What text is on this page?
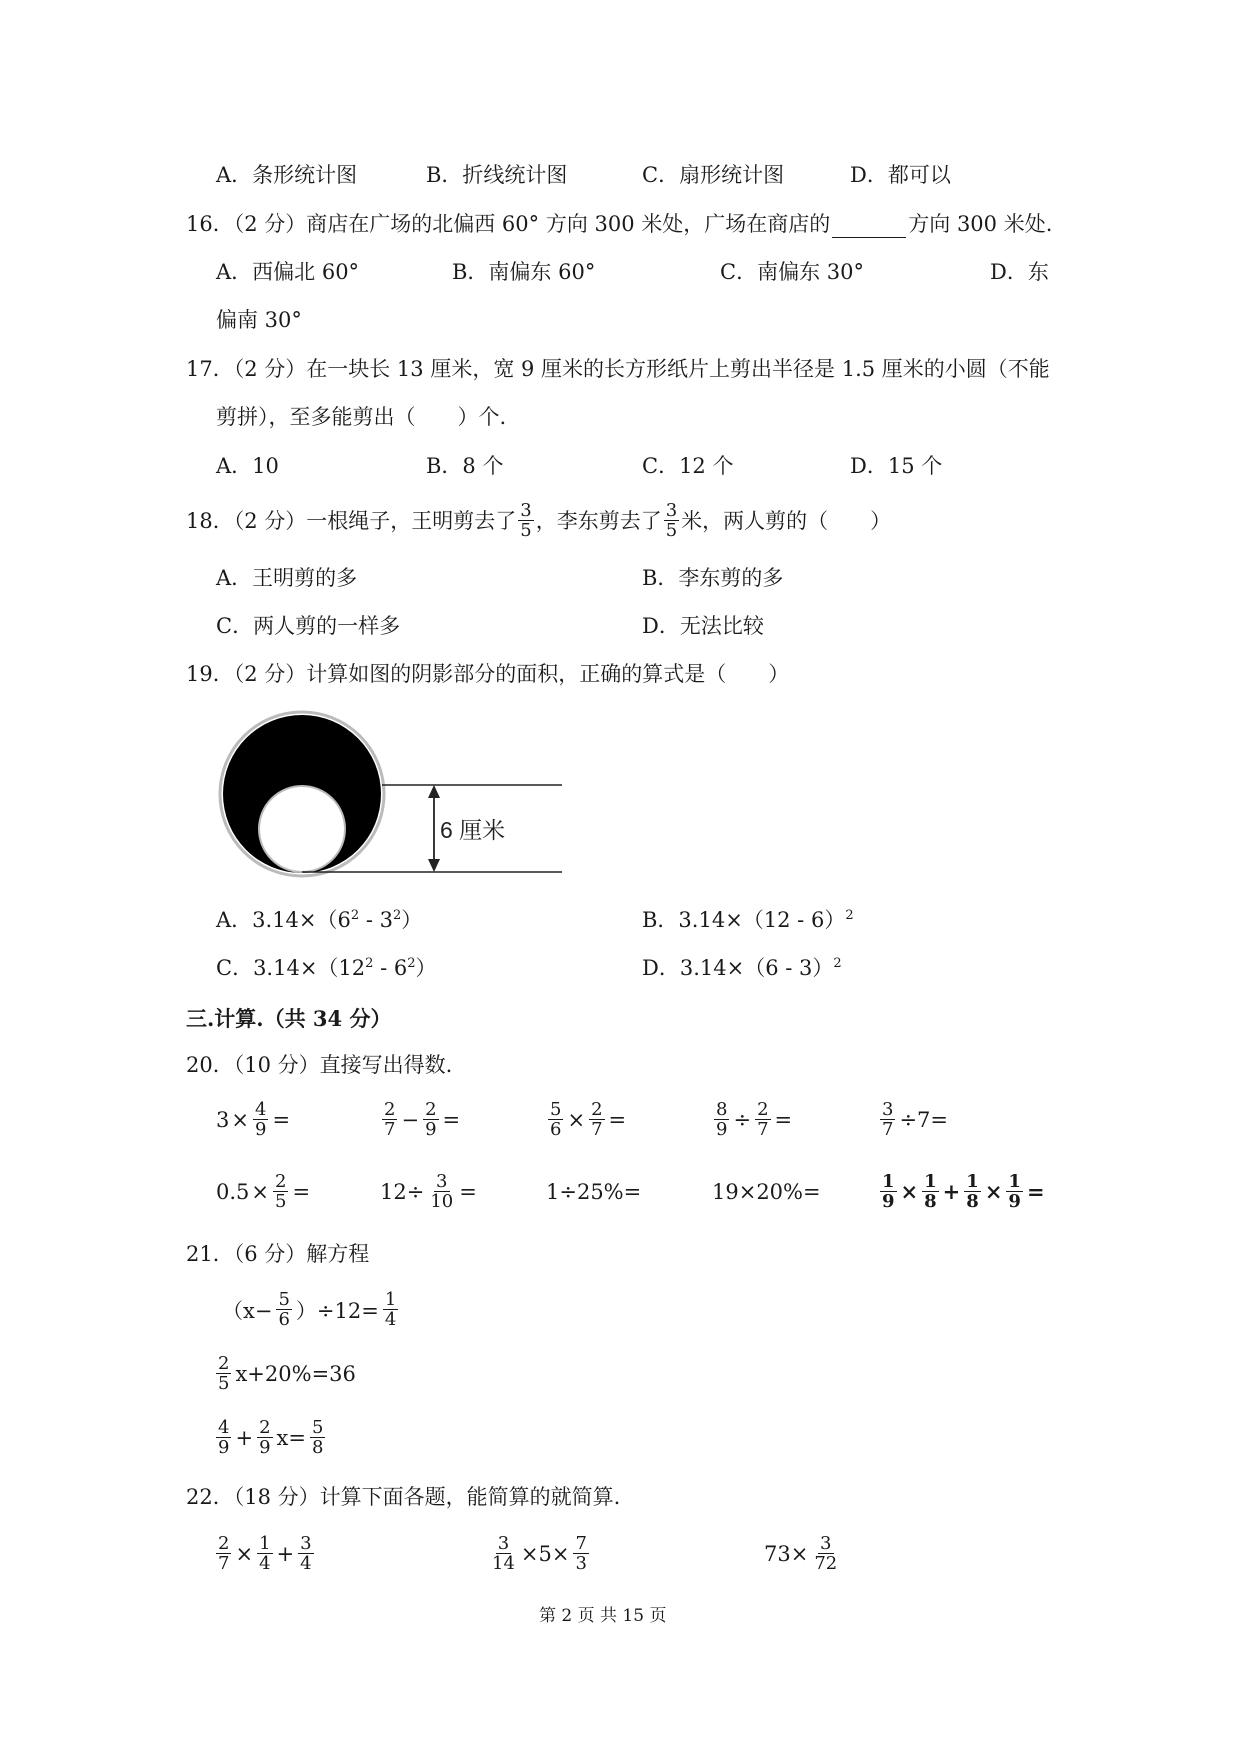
A．条形统计图	B．折线统计图	C．扇形统计图	D．都可以
16．（2 分）商店在广场的北偏西 60° 方向 300 米处，广场在商店的	方向 300 米处.
A．西偏北 60°	B．南偏东 60°	C．南偏东 30°	D．东
偏南 30°
17．（2 分）在一块长 13 厘米，宽 9 厘米的长方形纸片上剪出半径是 1.5 厘米的小圆（不能
剪拼），至多能剪出（　　）个.
A．10	B．8 个	C．12 个	D．15 个
18．（2 分）一根绳子，王明剪去了 $\frac{3}{5}$ ，李东剪去了 $\frac{3}{5}$ 米，两人剪的（　　）
A．王明剪的多	B．李东剪的多
C．两人剪的一样多	D．无法比较
19．（2 分）计算如图的阴影部分的面积，正确的算式是（　　）
6 厘米
A．$3.14\times(6^2 - 3^2)$	B．3.14×（12 - 6）$^2$
C．$3.14\times(12^2 - 6^2)$	D．3.14×（6 - 3）$^2$
三.计算.（共 34 分）
20．（10 分）直接写出得数.
$3 \times \frac{4}{9}$ =	$\frac{2}{7} - \frac{2}{9}$ =	$\frac{5}{6} \times \frac{2}{7}$ =	$\frac{8}{9} \div \frac{2}{7}$ =	$\frac{3}{7} \div 7=$
$0.5 \times \frac{2}{5}$ =	$12\div \frac{3}{10}$ =	1÷25%=	19×20%=	$\frac{1}{9} \times \frac{1}{8} + \frac{1}{8} \times \frac{1}{9}$ =
21．（6 分）解方程
$(x- \frac{5}{6} )\div 12= \frac{1}{4}$
$\frac{2}{5} x+20\%=36$
$\frac{4}{9} + \frac{2}{9} x= \frac{5}{8}$
22．（18 分）计算下面各题，能简算的就简算.
$\frac{2}{7} \times \frac{1}{4} + \frac{3}{4}$	$\frac{3}{14} \times 5\times \frac{7}{3}$	$73\times \frac{3}{72}$
第 2 页 共 15 页
